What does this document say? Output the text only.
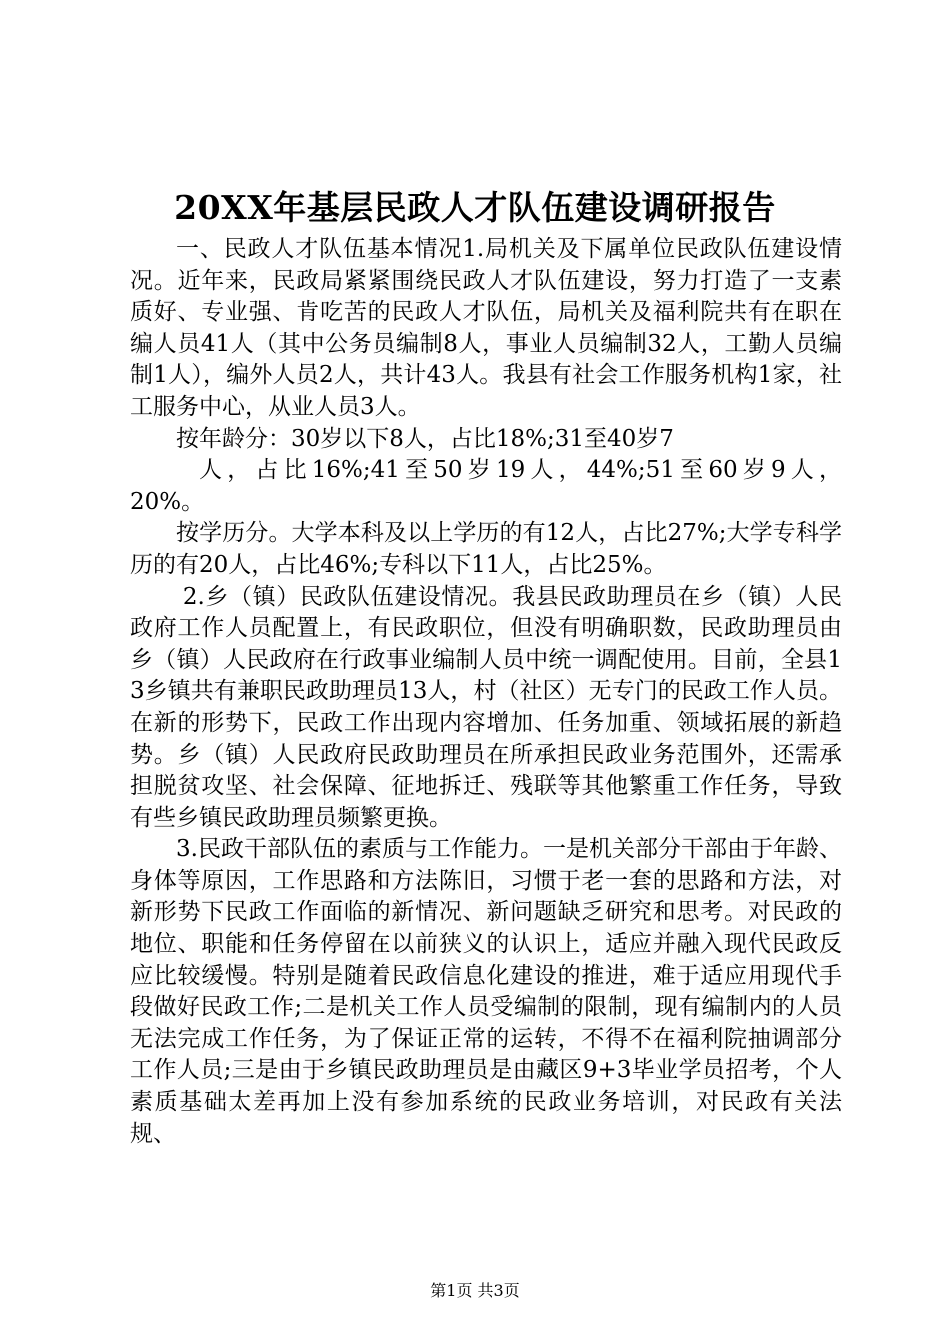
20XX年基层民政人才队伍建设调研报告

一、民政人才队伍基本情况1.局机关及下属单位民政队伍建设情况。近年来，民政局紧紧围绕民政人才队伍建设，努力打造了一支素质好、专业强、肯吃苦的民政人才队伍，局机关及福利院共有在职在编人员41人（其中公务员编制8人，事业人员编制32人，工勤人员编制1人），编外人员2人，共计43人。我县有社会工作服务机构1家，社工服务中心，从业人员3人。

按年龄分：30岁以下8人，占比18%;31至40岁7

人，占比16%;41至50岁19人，44%;51至60岁9人，

20%。

按学历分。大学本科及以上学历的有12人，占比27%;大学专科学历的有20人，占比46%;专科以下11人，占比25%。

2.乡（镇）民政队伍建设情况。我县民政助理员在乡（镇）人民政府工作人员配置上，有民政职位，但没有明确职数，民政助理员由乡（镇）人民政府在行政事业编制人员中统一调配使用。目前，全县13乡镇共有兼职民政助理员13人，村（社区）无专门的民政工作人员。在新的形势下，民政工作出现内容增加、任务加重、领域拓展的新趋势。乡（镇）人民政府民政助理员在所承担民政业务范围外，还需承担脱贫攻坚、社会保障、征地拆迁、残联等其他繁重工作任务，导致有些乡镇民政助理员频繁更换。

3.民政干部队伍的素质与工作能力。一是机关部分干部由于年龄、身体等原因，工作思路和方法陈旧，习惯于老一套的思路和方法，对新形势下民政工作面临的新情况、新问题缺乏研究和思考。对民政的地位、职能和任务停留在以前狭义的认识上，适应并融入现代民政反应比较缓慢。特别是随着民政信息化建设的推进，难于适应用现代手段做好民政工作;二是机关工作人员受编制的限制，现有编制内的人员无法完成工作任务，为了保证正常的运转，不得不在福利院抽调部分工作人员;三是由于乡镇民政助理员是由藏区9+3毕业学员招考，个人素质基础太差再加上没有参加系统的民政业务培训，对民政有关法规、

第1页 共3页
